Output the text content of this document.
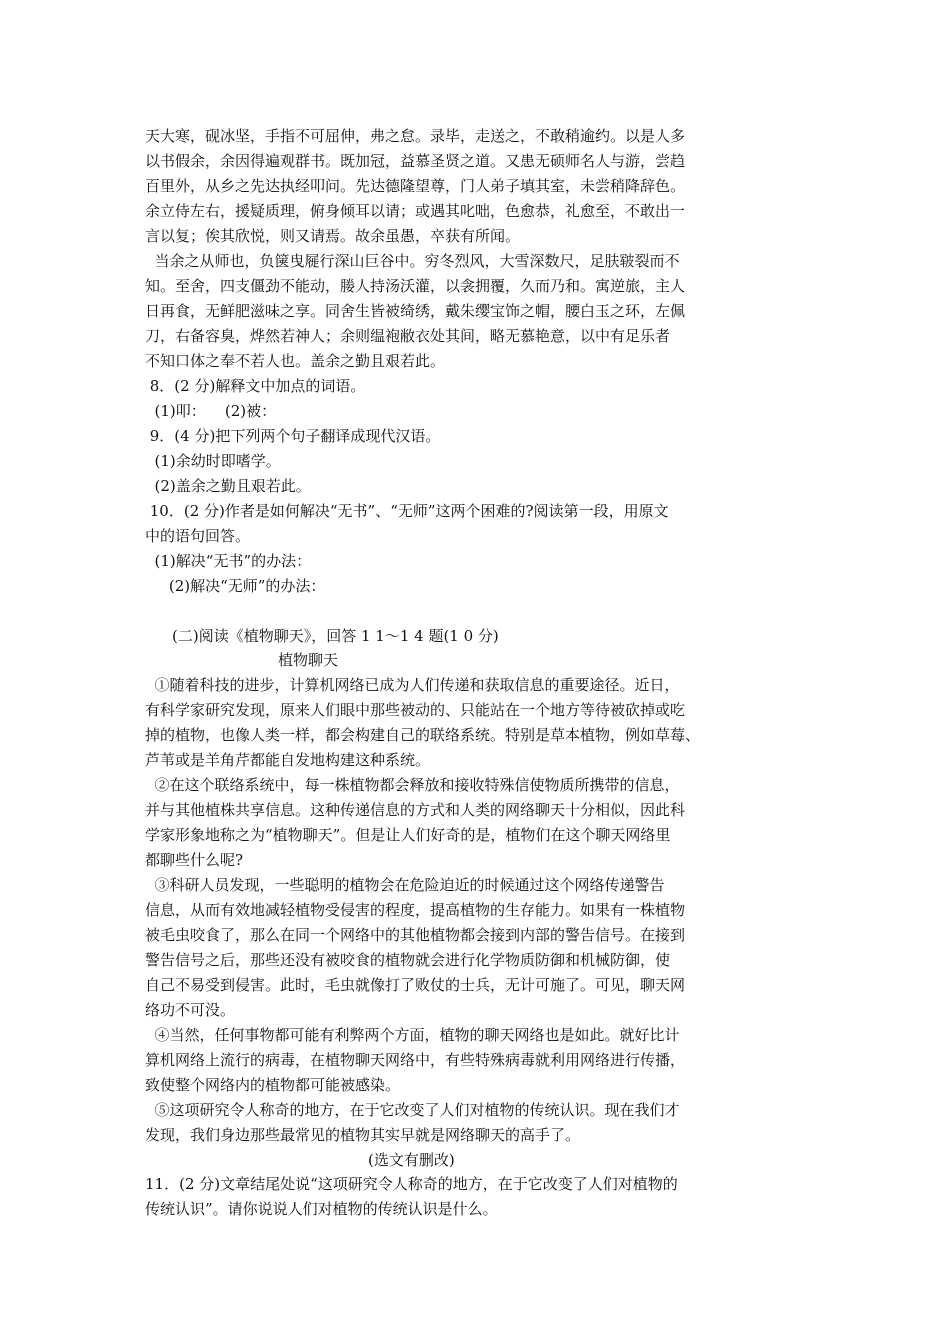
天大寒，砚冰坚，手指不可屈伸，弗之怠。录毕，走送之，不敢稍逾约。以是人多
以书假余，余因得遍观群书。既加冠，益慕圣贤之道。又患无硕师名人与游，尝趋
百里外，从乡之先达执经叩问。先达德隆望尊，门人弟子填其室，未尝稍降辞色。
余立侍左右，援疑质理，俯身倾耳以请；或遇其叱咄，色愈恭，礼愈至，不敢出一
言以复；俟其欣悦，则又请焉。故余虽愚，卒获有所闻。
当余之从师也，负箧曳屣行深山巨谷中。穷冬烈风，大雪深数尺，足肤皲裂而不
知。至舍，四支僵劲不能动，媵人持汤沃灌，以衾拥覆，久而乃和。寓逆旅，主人
日再食，无鲜肥滋味之享。同舍生皆被绮绣，戴朱缨宝饰之帽，腰白玉之环，左佩
刀，右备容臭，烨然若神人；余则缊袍敝衣处其间，略无慕艳意，以中有足乐者
不知口体之奉不若人也。盖余之勤且艰若此。
8．(2 分)解释文中加点的词语。
(1)叩：    (2)被：
9．(4 分)把下列两个句子翻译成现代汉语。
(1)余幼时即嗜学。
(2)盖余之勤且艰若此。
10．(2 分)作者是如何解决“无书”、“无师”这两个困难的?阅读第一段，用原文
中的语句回答。
(1)解决“无书”的办法：
(2)解决“无师”的办法：
(二)阅读《植物聊天》，回答 1 1～1 4 题(1 0 分)
植物聊天
①随着科技的进步，计算机网络已成为人们传递和获取信息的重要途径。近日，
有科学家研究发现，原来人们眼中那些被动的、只能站在一个地方等待被砍掉或吃
掉的植物，也像人类一样，都会构建自己的联络系统。特别是草本植物，例如草莓、
芦苇或是羊角芹都能自发地构建这种系统。
②在这个联络系统中，每一株植物都会释放和接收特殊信使物质所携带的信息，
并与其他植株共享信息。这种传递信息的方式和人类的网络聊天十分相似，因此科
学家形象地称之为“植物聊天”。但是让人们好奇的是，植物们在这个聊天网络里
都聊些什么呢?
③科研人员发现，一些聪明的植物会在危险迫近的时候通过这个网络传递警告
信息，从而有效地减轻植物受侵害的程度，提高植物的生存能力。如果有一株植物
被毛虫咬食了，那么在同一个网络中的其他植物都会接到内部的警告信号。在接到
警告信号之后，那些还没有被咬食的植物就会进行化学物质防御和机械防御，使
自己不易受到侵害。此时，毛虫就像打了败仗的士兵，无计可施了。可见，聊天网
络功不可没。
④当然，任何事物都可能有利弊两个方面，植物的聊天网络也是如此。就好比计
算机网络上流行的病毒，在植物聊天网络中，有些特殊病毒就利用网络进行传播，
致使整个网络内的植物都可能被感染。
⑤这项研究令人称奇的地方，在于它改变了人们对植物的传统认识。现在我们才
发现，我们身边那些最常见的植物其实早就是网络聊天的高手了。
(选文有删改)
11．(2 分)文章结尾处说“这项研究令人称奇的地方，在于它改变了人们对植物的
传统认识”。请你说说人们对植物的传统认识是什么。
